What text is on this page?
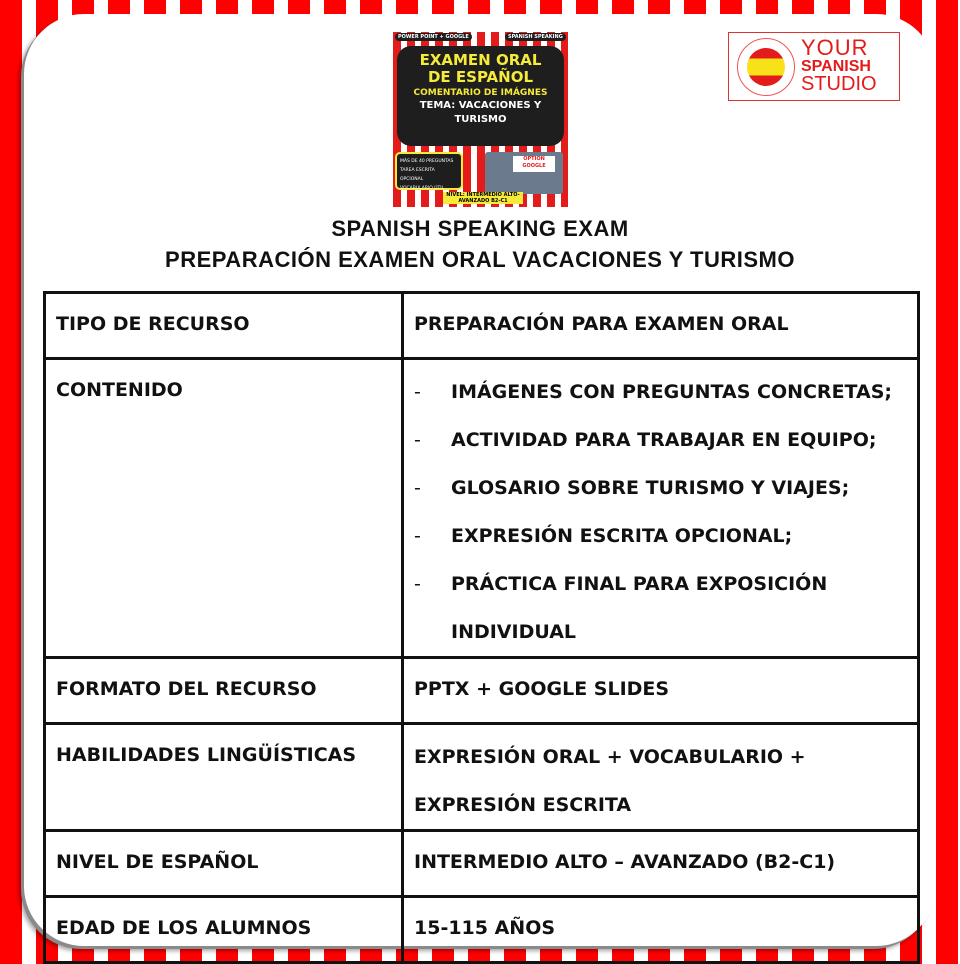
POWER POINT + GOOGLE	SPANISH SPEAKING
EXAMEN ORAL
DE ESPAÑOL
COMENTARIO DE IMÁGNES
TEMA: VACACIONES Y
TURISMO
MÁS DE 40 PREGUNTAS
TAREA ESCRITA OPCIONAL
VOCABULARIO ÚTIL
OPTION GOOGLE
NIVEL: INTERMEDIO ALTO-AVANZADO B2-C1
YOUR
SPANISH
STUDIO
SPANISH SPEAKING EXAM
PREPARACIÓN EXAMEN ORAL VACACIONES Y TURISMO
TIPO DE RECURSO	PREPARACIÓN PARA EXAMEN ORAL
CONTENIDO	
-IMÁGENES CON PREGUNTAS CONCRETAS;
- ACTIVIDAD PARA TRABAJAR EN EQUIPO;
- GLOSARIO SOBRE TURISMO Y VIAJES;
- EXPRESIÓN ESCRITA OPCIONAL;
- PRÁCTICA FINAL PARA EXPOSICIÓN INDIVIDUAL

FORMATO DEL RECURSO	PPTX + GOOGLE SLIDES
HABILIDADES LINGÜÍSTICAS	EXPRESIÓN ORAL + VOCABULARIO +
EXPRESIÓN ESCRITA

NIVEL DE ESPAÑOL	INTERMEDIO ALTO – AVANZADO (B2-C1)
EDAD DE LOS ALUMNOS	15-115 AÑOS
